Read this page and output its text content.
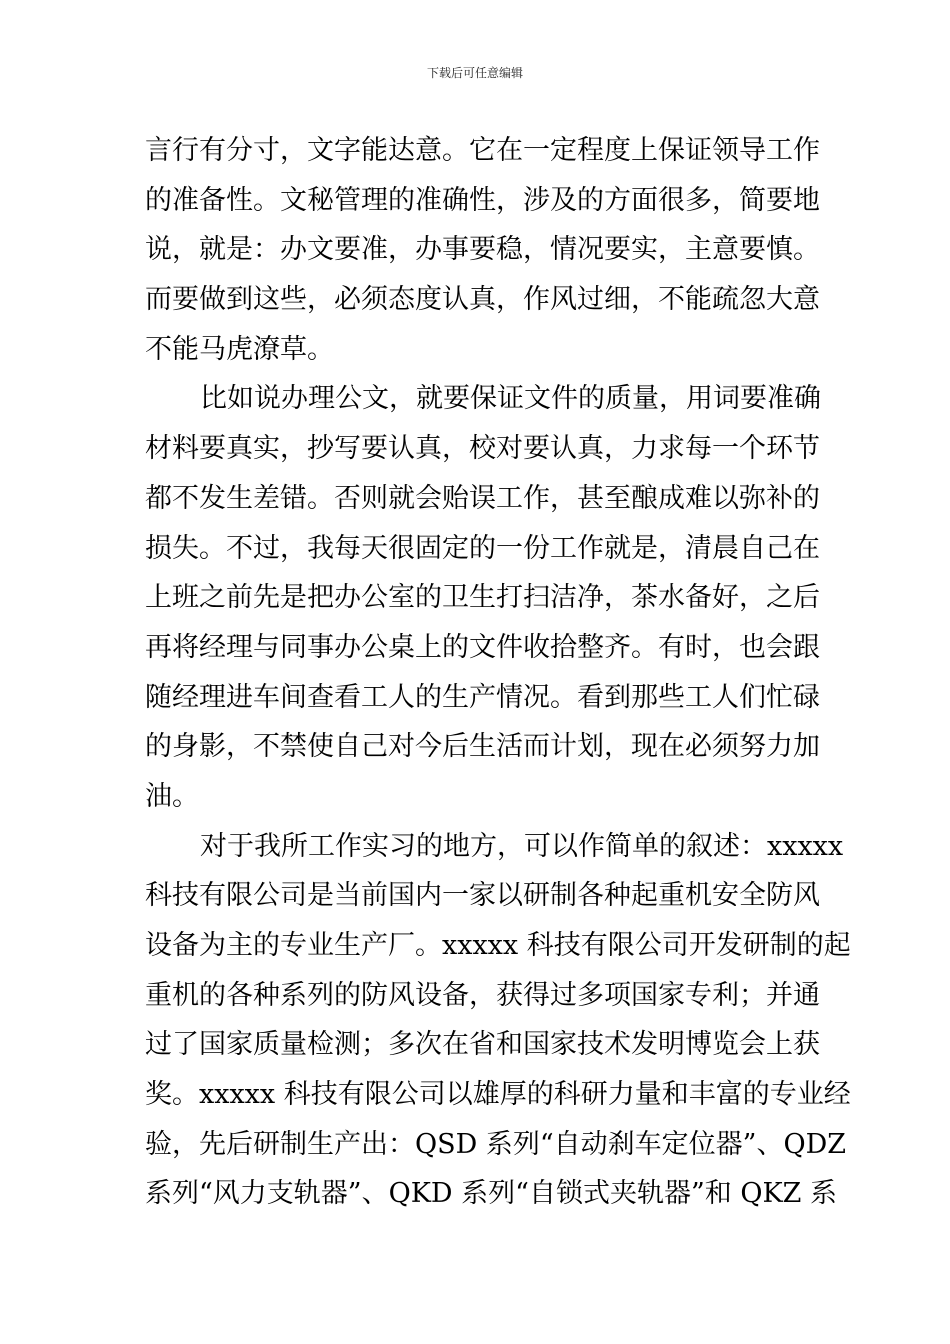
下载后可任意编辑
言行有分寸，文字能达意。它在一定程度上保证领导工作
的准备性。文秘管理的准确性，涉及的方面很多，简要地
说，就是：办文要准，办事要稳，情况要实，主意要慎。
而要做到这些，必须态度认真，作风过细，不能疏忽大意
不能马虎潦草。
比如说办理公文，就要保证文件的质量，用词要准确
材料要真实，抄写要认真，校对要认真，力求每一个环节
都不发生差错。否则就会贻误工作，甚至酿成难以弥补的
损失。不过，我每天很固定的一份工作就是，清晨自己在
上班之前先是把办公室的卫生打扫洁净，茶水备好，之后
再将经理与同事办公桌上的文件收拾整齐。有时，也会跟
随经理进车间查看工人的生产情况。看到那些工人们忙碌
的身影，不禁使自己对今后生活而计划，现在必须努力加
油。
对于我所工作实习的地方，可以作简单的叙述：xxxxx
科技有限公司是当前国内一家以研制各种起重机安全防风
设备为主的专业生产厂。xxxxx 科技有限公司开发研制的起
重机的各种系列的防风设备，获得过多项国家专利；并通
过了国家质量检测；多次在省和国家技术发明博览会上获
奖。xxxxx 科技有限公司以雄厚的科研力量和丰富的专业经
验，先后研制生产出：QSD 系列“自动刹车定位器”、QDZ
系列“风力支轨器”、QKD 系列“自锁式夹轨器”和 QKZ 系
